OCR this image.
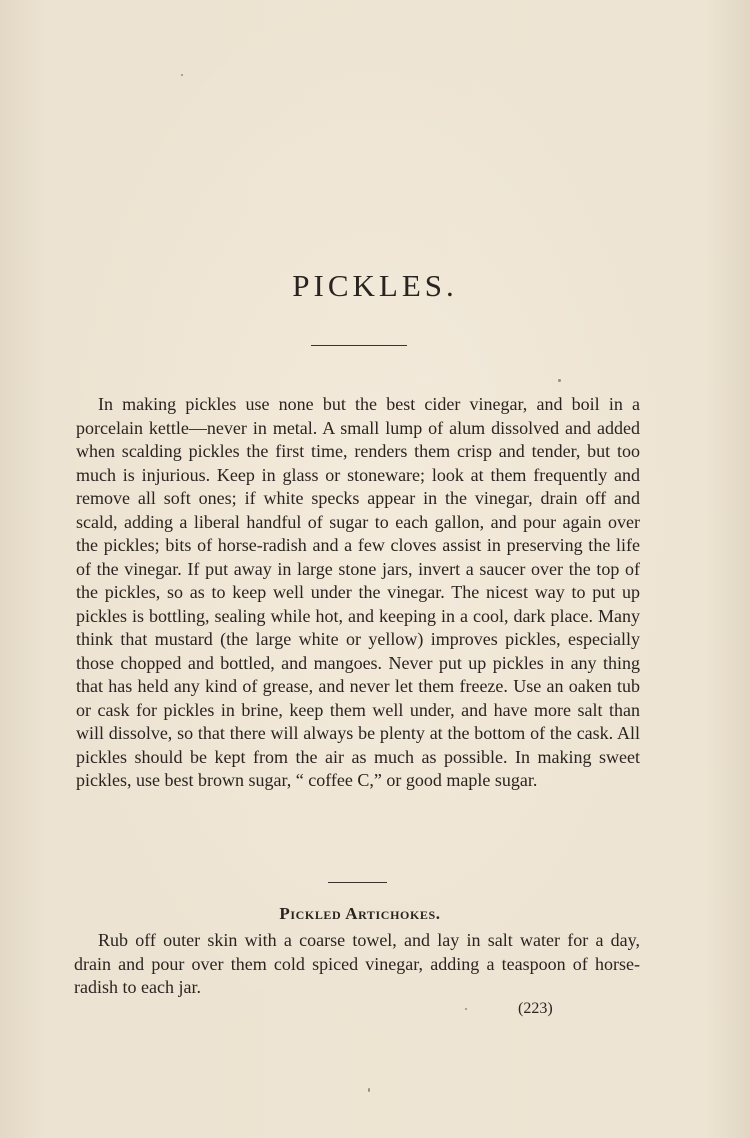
PICKLES.

In making pickles use none but the best cider vinegar, and boil in a porcelain kettle—never in metal. A small lump of alum dissolved and added when scalding pickles the first time, renders them crisp and tender, but too much is injurious. Keep in glass or stoneware; look at them frequently and remove all soft ones; if white specks appear in the vinegar, drain off and scald, adding a liberal handful of sugar to each gallon, and pour again over the pickles; bits of horse-radish and a few cloves assist in preserving the life of the vinegar. If put away in large stone jars, invert a saucer over the top of the pickles, so as to keep well under the vinegar. The nicest way to put up pickles is bottling, sealing while hot, and keeping in a cool, dark place. Many think that mustard (the large white or yellow) improves pickles, especially those chopped and bottled, and mangoes. Never put up pickles in any thing that has held any kind of grease, and never let them freeze. Use an oaken tub or cask for pickles in brine, keep them well under, and have more salt than will dissolve, so that there will always be plenty at the bottom of the cask. All pickles should be kept from the air as much as possible. In making sweet pickles, use best brown sugar, “ coffee C,” or good maple sugar.

Pickled Artichokes.

Rub off outer skin with a coarse towel, and lay in salt water for a day, drain and pour over them cold spiced vinegar, adding a teaspoon of horse-radish to each jar.

(223)
